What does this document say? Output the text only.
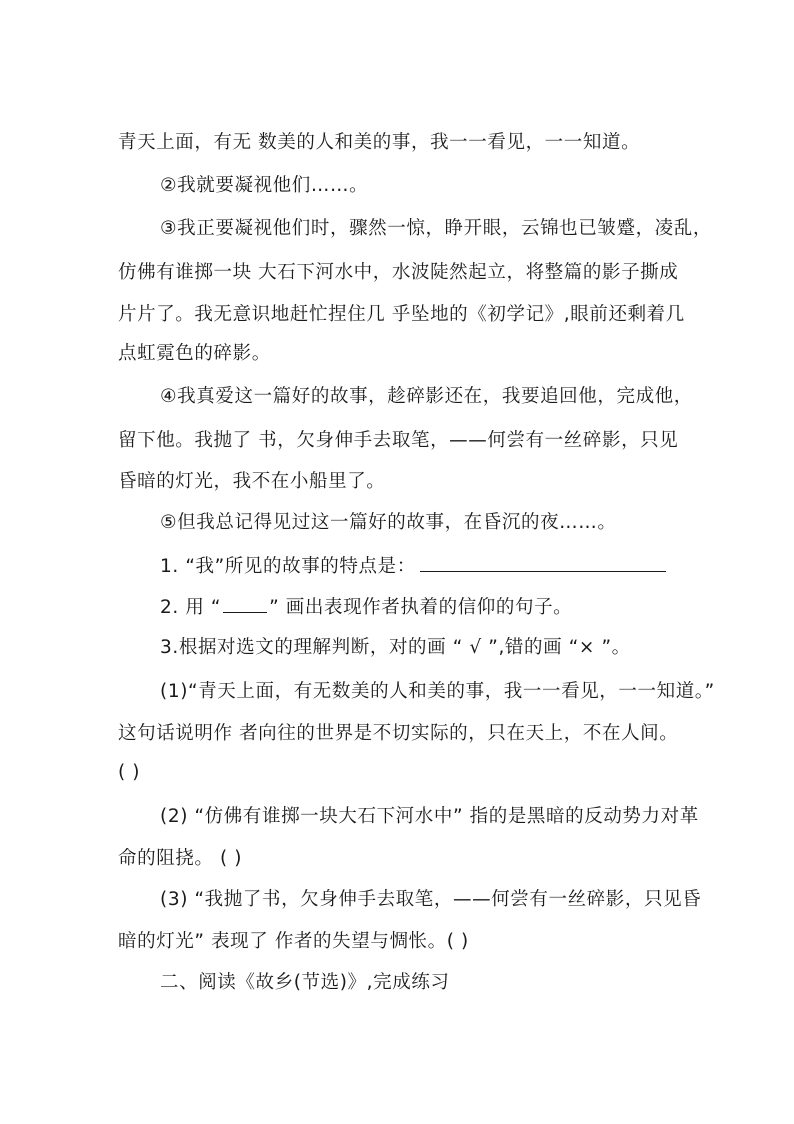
青天上面，有无 数美的人和美的事，我一一看见，一一知道。
②我就要凝视他们……。
③我正要凝视他们时，骤然一惊，睁开眼，云锦也已皱蹙，凌乱，
仿佛有谁掷一块 大石下河水中，水波陡然起立，将整篇的影子撕成
片片了。我无意识地赶忙捏住几 乎坠地的《初学记》,眼前还剩着几
点虹霓色的碎影。
④我真爱这一篇好的故事，趁碎影还在，我要追回他，完成他，
留下他。我抛了 书，欠身伸手去取笔，——何尝有一丝碎影，只见
昏暗的灯光，我不在小船里了。
⑤但我总记得见过这一篇好的故事，在昏沉的夜……。
1. “我”所见的故事的特点是：
2. 用 “	” 画出表现作者执着的信仰的句子。
3.根据对选文的理解判断，对的画 “ √ ”,错的画 “× ”。
(1)“青天上面，有无数美的人和美的事，我一一看见，一一知道。”
这句话说明作 者向往的世界是不切实际的，只在天上，不在人间。
( )
(2) “仿佛有谁掷一块大石下河水中” 指的是黑暗的反动势力对革
命的阻挠。 ( )
(3) “我抛了书，欠身伸手去取笔，——何尝有一丝碎影，只见昏
暗的灯光” 表现了 作者的失望与惆怅。( )
二、阅读《故乡(节选)》,完成练习
